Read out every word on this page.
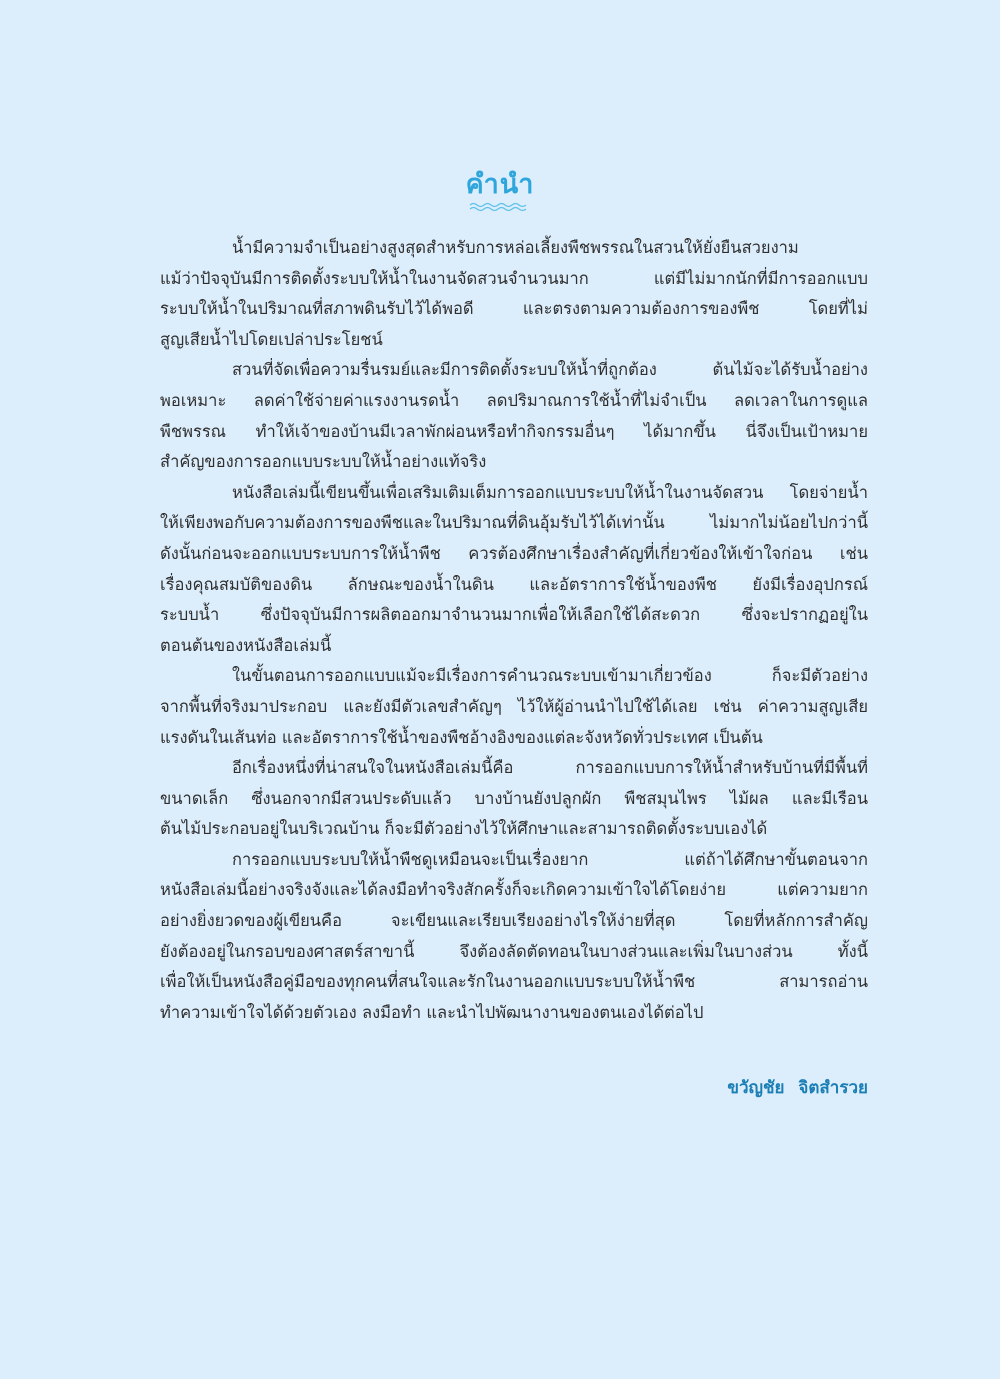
คำนำ
น้ำมีความจำเป็นอย่างสูงสุดสำหรับการหล่อเลี้ยงพืชพรรณในสวนให้ยั่งยืนสวยงาม
แม้ว่าปัจจุบันมีการติดตั้งระบบให้น้ำในงานจัดสวนจำนวนมาก แต่มีไม่มากนักที่มีการออกแบบ
ระบบให้น้ำในปริมาณที่สภาพดินรับไว้ได้พอดี และตรงตามความต้องการของพืช โดยที่ไม่
สูญเสียน้ำไปโดยเปล่าประโยชน์
สวนที่จัดเพื่อความรื่นรมย์และมีการติดตั้งระบบให้น้ำที่ถูกต้อง ต้นไม้จะได้รับน้ำอย่าง
พอเหมาะ ลดค่าใช้จ่ายค่าแรงงานรดน้ำ ลดปริมาณการใช้น้ำที่ไม่จำเป็น ลดเวลาในการดูแล
พืชพรรณ ทำให้เจ้าของบ้านมีเวลาพักผ่อนหรือทำกิจกรรมอื่นๆ ได้มากขึ้น นี่จึงเป็นเป้าหมาย
สำคัญของการออกแบบระบบให้น้ำอย่างแท้จริง
หนังสือเล่มนี้เขียนขึ้นเพื่อเสริมเติมเต็มการออกแบบระบบให้น้ำในงานจัดสวน โดยจ่ายน้ำ
ให้เพียงพอกับความต้องการของพืชและในปริมาณที่ดินอุ้มรับไว้ได้เท่านั้น ไม่มากไม่น้อยไปกว่านี้
ดังนั้นก่อนจะออกแบบระบบการให้น้ำพืช ควรต้องศึกษาเรื่องสำคัญที่เกี่ยวข้องให้เข้าใจก่อน เช่น
เรื่องคุณสมบัติของดิน ลักษณะของน้ำในดิน และอัตราการใช้น้ำของพืช ยังมีเรื่องอุปกรณ์
ระบบน้ำ ซึ่งปัจจุบันมีการผลิตออกมาจำนวนมากเพื่อให้เลือกใช้ได้สะดวก ซึ่งจะปรากฏอยู่ใน
ตอนต้นของหนังสือเล่มนี้
ในขั้นตอนการออกแบบแม้จะมีเรื่องการคำนวณระบบเข้ามาเกี่ยวข้อง ก็จะมีตัวอย่าง
จากพื้นที่จริงมาประกอบ และยังมีตัวเลขสำคัญๆ ไว้ให้ผู้อ่านนำไปใช้ได้เลย เช่น ค่าความสูญเสีย
แรงดันในเส้นท่อ และอัตราการใช้น้ำของพืชอ้างอิงของแต่ละจังหวัดทั่วประเทศ เป็นต้น
อีกเรื่องหนึ่งที่น่าสนใจในหนังสือเล่มนี้คือ การออกแบบการให้น้ำสำหรับบ้านที่มีพื้นที่
ขนาดเล็ก ซึ่งนอกจากมีสวนประดับแล้ว บางบ้านยังปลูกผัก พืชสมุนไพร ไม้ผล และมีเรือน
ต้นไม้ประกอบอยู่ในบริเวณบ้าน ก็จะมีตัวอย่างไว้ให้ศึกษาและสามารถติดตั้งระบบเองได้
การออกแบบระบบให้น้ำพืชดูเหมือนจะเป็นเรื่องยาก แต่ถ้าได้ศึกษาขั้นตอนจาก
หนังสือเล่มนี้อย่างจริงจังและได้ลงมือทำจริงสักครั้งก็จะเกิดความเข้าใจได้โดยง่าย แต่ความยาก
อย่างยิ่งยวดของผู้เขียนคือ จะเขียนและเรียบเรียงอย่างไรให้ง่ายที่สุด โดยที่หลักการสำคัญ
ยังต้องอยู่ในกรอบของศาสตร์สาขานี้ จึงต้องลัดตัดทอนในบางส่วนและเพิ่มในบางส่วน ทั้งนี้
เพื่อให้เป็นหนังสือคู่มือของทุกคนที่สนใจและรักในงานออกแบบระบบให้น้ำพืช สามารถอ่าน
ทำความเข้าใจได้ด้วยตัวเอง ลงมือทำ และนำไปพัฒนางานของตนเองได้ต่อไป
ขวัญชัย จิตสำรวย
